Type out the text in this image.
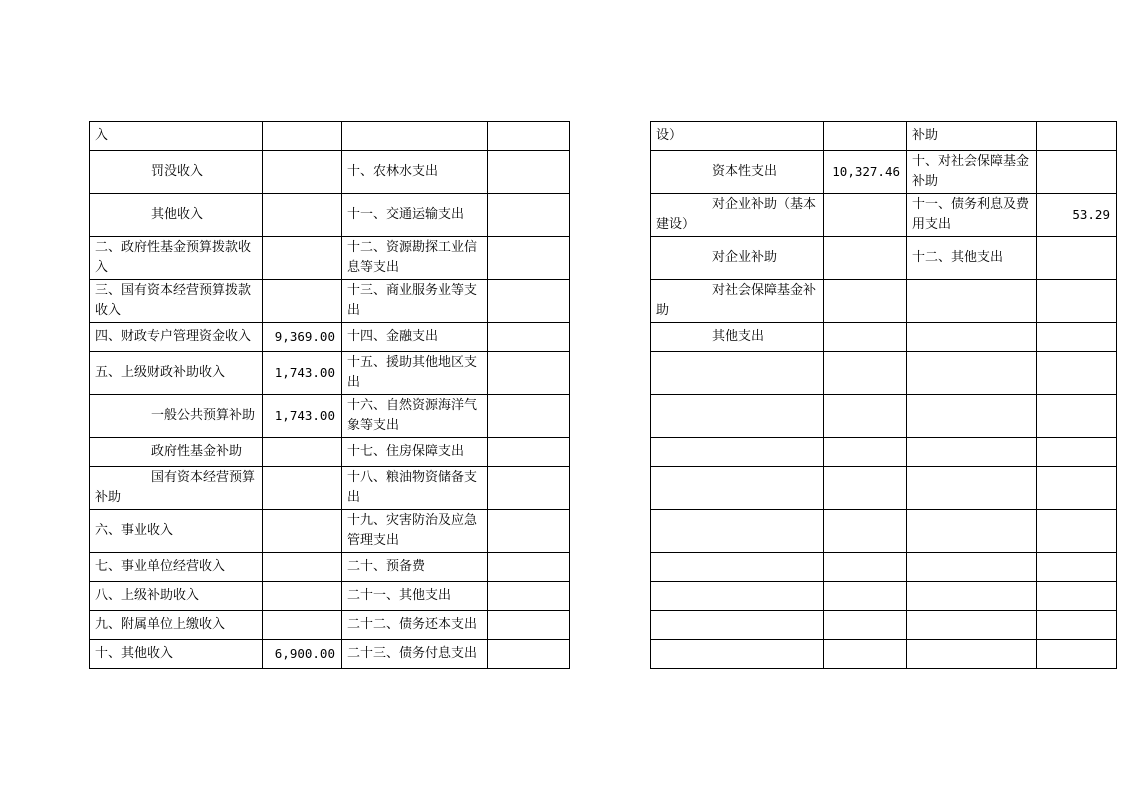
入					设）		补助	
罚没收入		十、农林水支出			资本性支出	10,327.46	十、对社会保障基金补助	
其他收入		十一、交通运输支出			对企业补助（基本建设）		十一、债务利息及费用支出	53.29
二、政府性基金预算拨款收入		十二、资源勘探工业信息等支出			对企业补助		十二、其他支出	
三、国有资本经营预算拨款收入		十三、商业服务业等支出			对社会保障基金补助			
四、财政专户管理资金收入	9,369.00	十四、金融支出			其他支出			
五、上级财政补助收入	1,743.00	十五、援助其他地区支出						
一般公共预算补助	1,743.00	十六、自然资源海洋气象等支出						
政府性基金补助		十七、住房保障支出						
国有资本经营预算补助		十八、粮油物资储备支出						
六、事业收入		十九、灾害防治及应急管理支出						
七、事业单位经营收入		二十、预备费						
八、上级补助收入		二十一、其他支出						
九、附属单位上缴收入		二十二、债务还本支出						
十、其他收入	6,900.00	二十三、债务付息支出						
